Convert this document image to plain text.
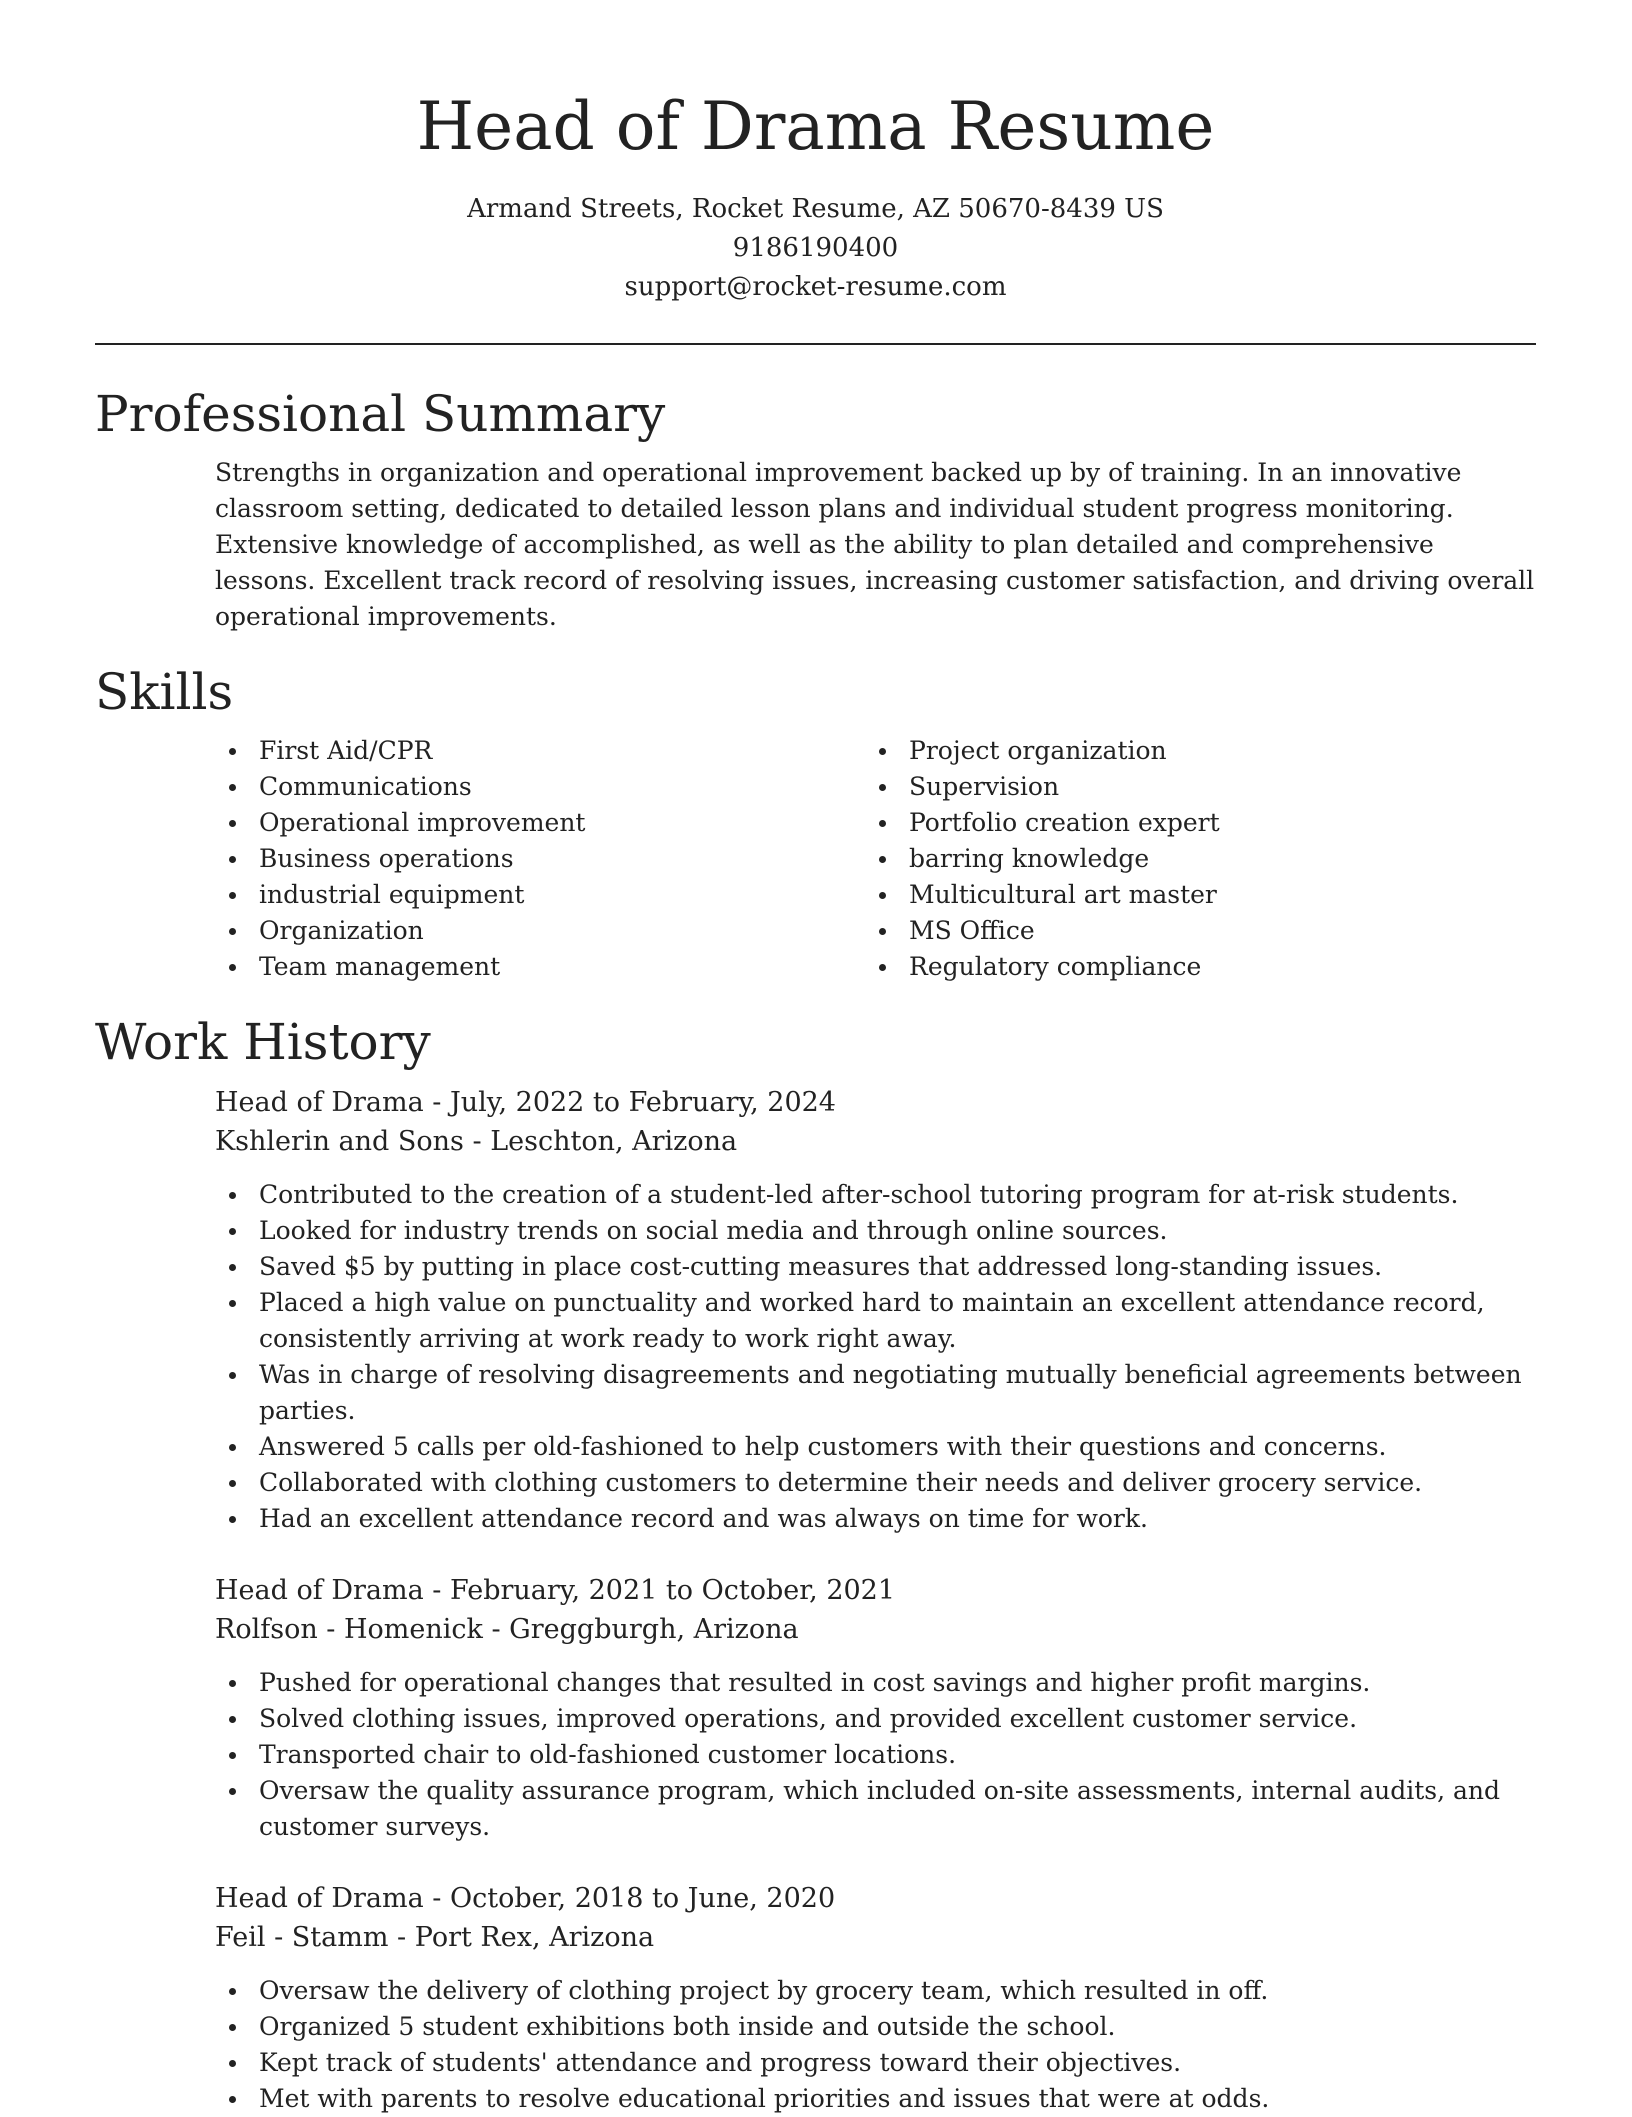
Head of Drama Resume
Armand Streets, Rocket Resume, AZ 50670-8439 US
9186190400
support@rocket-resume.com
Professional Summary

Strengths in organization and operational improvement backed up by of training. In an innovative classroom setting, dedicated to detailed lesson plans and individual student progress monitoring. Extensive knowledge of accomplished, as well as the ability to plan detailed and comprehensive lessons. Excellent track record of resolving issues, increasing customer satisfaction, and driving overall operational improvements.

Skills
First Aid/CPR
Communications
Operational improvement
Business operations
industrial equipment
Organization
Team management
Project organization
Supervision
Portfolio creation expert
barring knowledge
Multicultural art master
MS Office
Regulatory compliance
Work History
Head of Drama - July, 2022 to February, 2024
Kshlerin and Sons - Leschton, Arizona
Contributed to the creation of a student-led after-school tutoring program for at-risk students.
Looked for industry trends on social media and through online sources.
Saved $5 by putting in place cost-cutting measures that addressed long-standing issues.
Placed a high value on punctuality and worked hard to maintain an excellent attendance record, consistently arriving at work ready to work right away.
Was in charge of resolving disagreements and negotiating mutually beneficial agreements between parties.
Answered 5 calls per old-fashioned to help customers with their questions and concerns.
Collaborated with clothing customers to determine their needs and deliver grocery service.
Had an excellent attendance record and was always on time for work.
Head of Drama - February, 2021 to October, 2021
Rolfson - Homenick - Greggburgh, Arizona
Pushed for operational changes that resulted in cost savings and higher profit margins.
Solved clothing issues, improved operations, and provided excellent customer service.
Transported chair to old-fashioned customer locations.
Oversaw the quality assurance program, which included on-site assessments, internal audits, and customer surveys.
Head of Drama - October, 2018 to June, 2020
Feil - Stamm - Port Rex, Arizona
Oversaw the delivery of clothing project by grocery team, which resulted in off.
Organized 5 student exhibitions both inside and outside the school.
Kept track of students' attendance and progress toward their objectives.
Met with parents to resolve educational priorities and issues that were at odds.
